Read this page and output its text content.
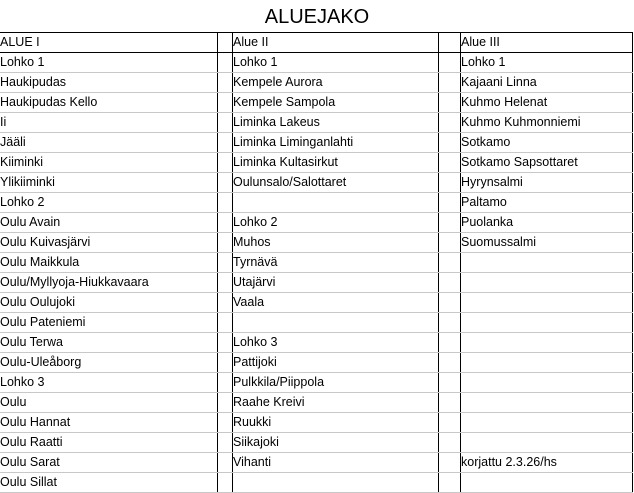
ALUEJAKO
ALUE I		Alue II		Alue III
Lohko 1		Lohko 1		Lohko 1
Haukipudas		Kempele Aurora		Kajaani Linna
Haukipudas Kello		Kempele Sampola		Kuhmo Helenat
Ii		Liminka Lakeus		Kuhmo Kuhmonniemi
Jääli		Liminka Liminganlahti		Sotkamo
Kiiminki		Liminka Kultasirkut		Sotkamo Sapsottaret
Ylikiiminki		Oulunsalo/Salottaret		Hyrynsalmi
Lohko 2				Paltamo
Oulu Avain		Lohko 2		Puolanka
Oulu Kuivasjärvi		Muhos		Suomussalmi
Oulu Maikkula		Tyrnävä		
Oulu/Myllyoja-Hiukkavaara		Utajärvi		
Oulu Oulujoki		Vaala		
Oulu Pateniemi				
Oulu Terwa		Lohko 3		
Oulu-Uleåborg		Pattijoki		
Lohko 3		Pulkkila/Piippola		
Oulu		Raahe Kreivi		
Oulu Hannat		Ruukki		
Oulu Raatti		Siikajoki		
Oulu Sarat		Vihanti		korjattu 2.3.26/hs
Oulu Sillat				
